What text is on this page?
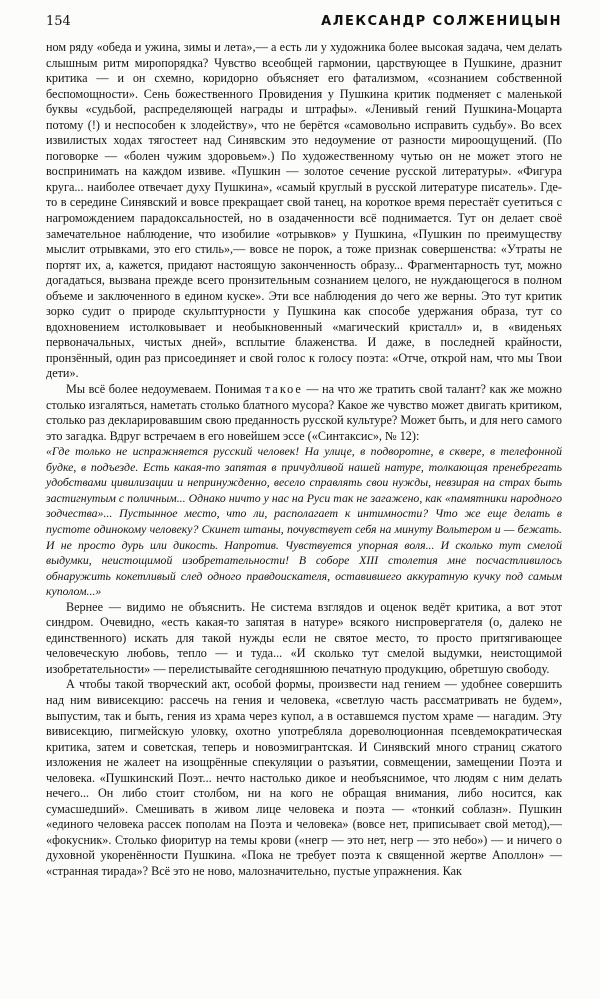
154	АЛЕКСАНДР СОЛЖЕНИЦЫН

ном ряду «обеда и ужина, зимы и лета»,— а есть ли у художника более высокая задача, чем делать слышным ритм миропорядка? Чувство всеобщей гармонии, царствующее в Пушкине, дразнит критика — и он схемно, коридорно объясняет его фатализмом, «сознанием собственной беспомощности». Сень божественного Провидения у Пушкина критик подменяет с маленькой буквы «судьбой, распределяющей награды и штрафы». «Ленивый гений Пушкина-Моцарта потому (!) и неспособен к злодейству», что не берётся «самовольно исправить судьбу». Во всех извилистых ходах тягостеет над Синявским это недоумение от разности мироощущений. (По поговорке — «болен чужим здоровьем».) По художественному чутью он не может этого не воспринимать на каждом извиве. «Пушкин — золотое сечение русской литературы». «Фигура круга... наиболее отвечает духу Пушкина», «самый круглый в русской литературе писатель». Где-то в середине Синявский и вовсе прекращает свой танец, на короткое время перестаёт суетиться с нагромождением парадоксальностей, но в озадаченности всё поднимается. Тут он делает своё замечательное наблюдение, что изобилие «отрывков» у Пушкина, «Пушкин по преимуществу мыслит отрывками, это его стиль»,— вовсе не порок, а тоже признак совершенства: «Утраты не портят их, а, кажется, придают настоящую законченность образу... Фрагментарность тут, можно догадаться, вызвана прежде всего пронзительным сознанием целого, не нуждающегося в полном объеме и заключенного в едином куске». Эти все наблюдения до чего же верны. Это тут критик зорко судит о природе скульптурности у Пушкина как способе удержания образа, тут со вдохновением истолковывает и необыкновенный «магический кристалл» и, в «виденьях первоначальных, чистых дней», всплытие блаженства. И даже, в последней крайности, пронзённый, один раз присоединяет и свой голос к голосу поэта: «Отче, открой нам, что мы Твои дети».

Мы всё более недоумеваем. Понимая такое — на что же тратить свой талант? как же можно столько изгаляться, наметать столько блатного мусора? Какое же чувство может двигать критиком, столько раз декларировавшим свою преданность русской культуре? Может быть, и для него самого это загадка. Вдруг встречаем в его новейшем эссе («Синтаксис», № 12):

«Где только не испражняется русский человек! На улице, в подворотне, в сквере, в телефонной будке, в подъезде. Есть какая-то запятая в причудливой нашей натуре, толкающая пренебрегать удобствами цивилизации и непринужденно, весело справлять свои нужды, невзирая на страх быть застигнутым с поличным... Однако ничто у нас на Руси так не загажено, как «памятники народного зодчества»... Пустынное место, что ли, располагает к интимности? Что же еще делать в пустоте одинокому человеку? Скинет штаны, почувствует себя на минуту Вольтером и — бежать. И не просто дурь или дикость. Напротив. Чувствуется упорная воля... И сколько тут смелой выдумки, неистощимой изобретательности! В соборе XIII столетия мне посчастливилось обнаружить кокетливый след одного правдоискателя, оставившего аккуратную кучку под самым куполом...»

Вернее — видимо не объяснить. Не система взглядов и оценок ведёт критика, а вот этот синдром. Очевидно, «есть какая-то запятая в натуре» всякого ниспровергателя (о, далеко не единственного) искать для такой нужды если не святое место, то просто притягивающее человеческую любовь, тепло — и туда... «И сколько тут смелой выдумки, неистощимой изобретательности» — перелистывайте сегодняшнюю печатную продукцию, обретшую свободу.

А чтобы такой творческий акт, особой формы, произвести над гением — удобнее совершить над ним вивисекцию: рассечь на гения и человека, «светлую часть рассматривать не будем», выпустим, так и быть, гения из храма через купол, а в оставшемся пустом храме — нагадим. Эту вивисекцию, пигмейскую уловку, охотно употребляла дореволюционная псевдемократическая критика, затем и советская, теперь и новоэмигрантская. И Синявский много страниц сжатого изложения не жалеет на изощрённые спекуляции о разъятии, совмещении, замещении Поэта и человека. «Пушкинский Поэт... нечто настолько дикое и необъяснимое, что людям с ним делать нечего... Он либо стоит столбом, ни на кого не обращая внимания, либо носится, как сумасшедший». Смешивать в живом лице человека и поэта — «тонкий соблазн». Пушкин «единого человека рассек пополам на Поэта и человека» (вовсе нет, приписывает свой метод),— «фокусник». Столько фиоритур на темы крови («негр — это нет, негр — это небо») — и ничего о духовной укоренённости Пушкина. «Пока не требует поэта к священной жертве Аполлон» — «странная тирада»? Всё это не ново, малозначительно, пустые упражнения. Как
